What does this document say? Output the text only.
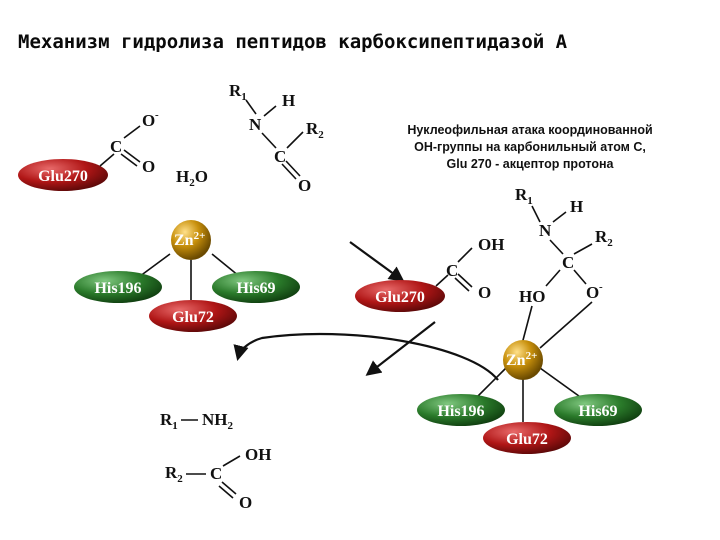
Механизм гидролиза пептидов карбоксипептидазой А
Glu270
C
O -
O
$R_1$
N
H
C
$R_2$
O
$H_2O$
$Zn^{2+}$
His196	His69
Glu72
Нуклеофильная атака координованной
ОН-группы на карбонильный атом С,
Glu 270 - акцептор протона
Glu270
C
OH
O
$R_1$
N
H
C
$R_2$
O -
HO
$Zn^{2+}$
His196	His69
Glu72
$R_1$ $NH_2$
$R_2$ C
OH
O
